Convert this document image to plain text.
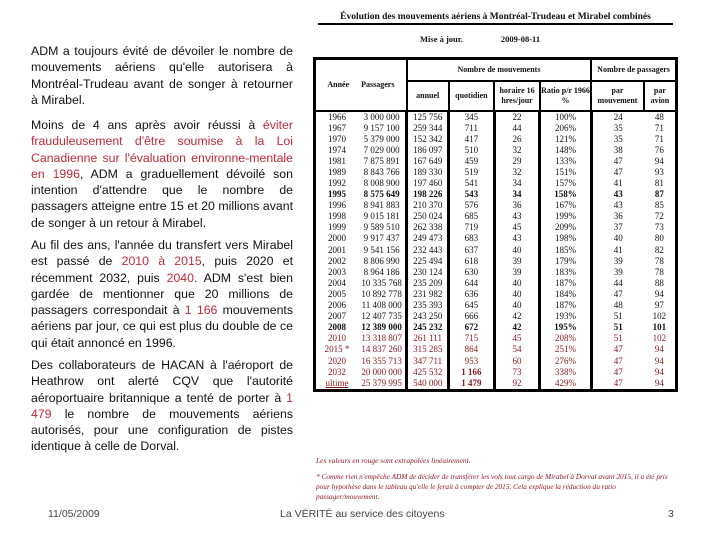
ADM a toujours évité de dévoiler le nombre de mouvements aériens qu'elle autorisera à Montréal-Trudeau avant de songer à retourner à Mirabel.
Moins de 4 ans après avoir réussi à éviter frauduleusement d'être soumise à la Loi Canadienne sur l'évaluation environne-mentale en 1996, ADM a graduellement dévoilé son intention d'attendre que le nombre de passagers atteigne entre 15 et 20 millions avant de songer à un retour à Mirabel.
Au fil des ans, l'année du transfert vers Mirabel est passé de 2010 à 2015, puis 2020 et récemment 2032, puis 2040. ADM s'est bien gardée de mentionner que 20 millions de passagers correspondait à 1 166 mouvements aériens par jour, ce qui est plus du double de ce qui était annoncé en 1996.
Des collaborateurs de HACAN à l'aéroport de Heathrow ont alerté CQV que l'autorité aéroportuaire britannique a tenté de porter à 1 479 le nombre de mouvements aériens autorisés, pour une configuration de pistes identique à celle de Dorval.
Évolution des mouvements aériens à Montréal-Trudeau et Mirabel combinés
Mise à jour.	2009-08-11
Année Passagers		Nombre de mouvements				Nombre de passagers	
		annuel	quotidien	horaire 16 hres/jour	Ratio p/r 1966 %	par mouvement	par avion
1966	3 000 000	125 756	345	22	100%	24	48
1967	9 157 100	259 344	711	44	206%	35	71
1970	5 379 000	152 342	417	26	121%	35	71
1974	7 029 000	186 097	510	32	148%	38	76
1981	7 875 891	167 649	459	29	133%	47	94
1989	8 843 766	189 330	519	32	151%	47	93
1992	8 008 900	197 460	541	34	157%	41	81
1995	8 575 649	198 226	543	34	158%	43	87
1996	8 941 883	210 370	576	36	167%	43	85
1998	9 015 181	250 024	685	43	199%	36	72
1999	9 589 510	262 338	719	45	209%	37	73
2000	9 917 437	249 473	683	43	198%	40	80
2001	9 541 156	232 443	637	40	185%	41	82
2002	8 806 990	225 494	618	39	179%	39	78
2003	8 964 186	230 124	630	39	183%	39	78
2004	10 335 768	235 209	644	40	187%	44	88
2005	10 892 778	231 982	636	40	184%	47	94
2006	11 408 000	235 393	645	40	187%	48	97
2007	12 407 735	243 250	666	42	193%	51	102
2008	12 389 000	245 232	672	42	195%	51	101
2010	13 318 807	261 111	715	45	208%	51	102
2015 *	14 837 260	315 285	864	54	251%	47	94
2020	16 355 713	347 711	953	60	276%	47	94
2032	20 000 000	425 532	1 166	73	338%	47	94
ultime	25 379 995	540 000	1 479	92	429%	47	94
Les valeurs en rouge sont extrapolées linéairement.
* Comme rien n'empêche ADM de décider de transférer les vols tout cargo de Mirabel à Dorval avant 2015, il a été pris pour hypothèse dans le tableau qu'elle le ferait à compter de 2015. Cela explique la réduction du ratio passager/mouvement.
11/05/2009	La VÉRITÉ au service des citoyens	3
